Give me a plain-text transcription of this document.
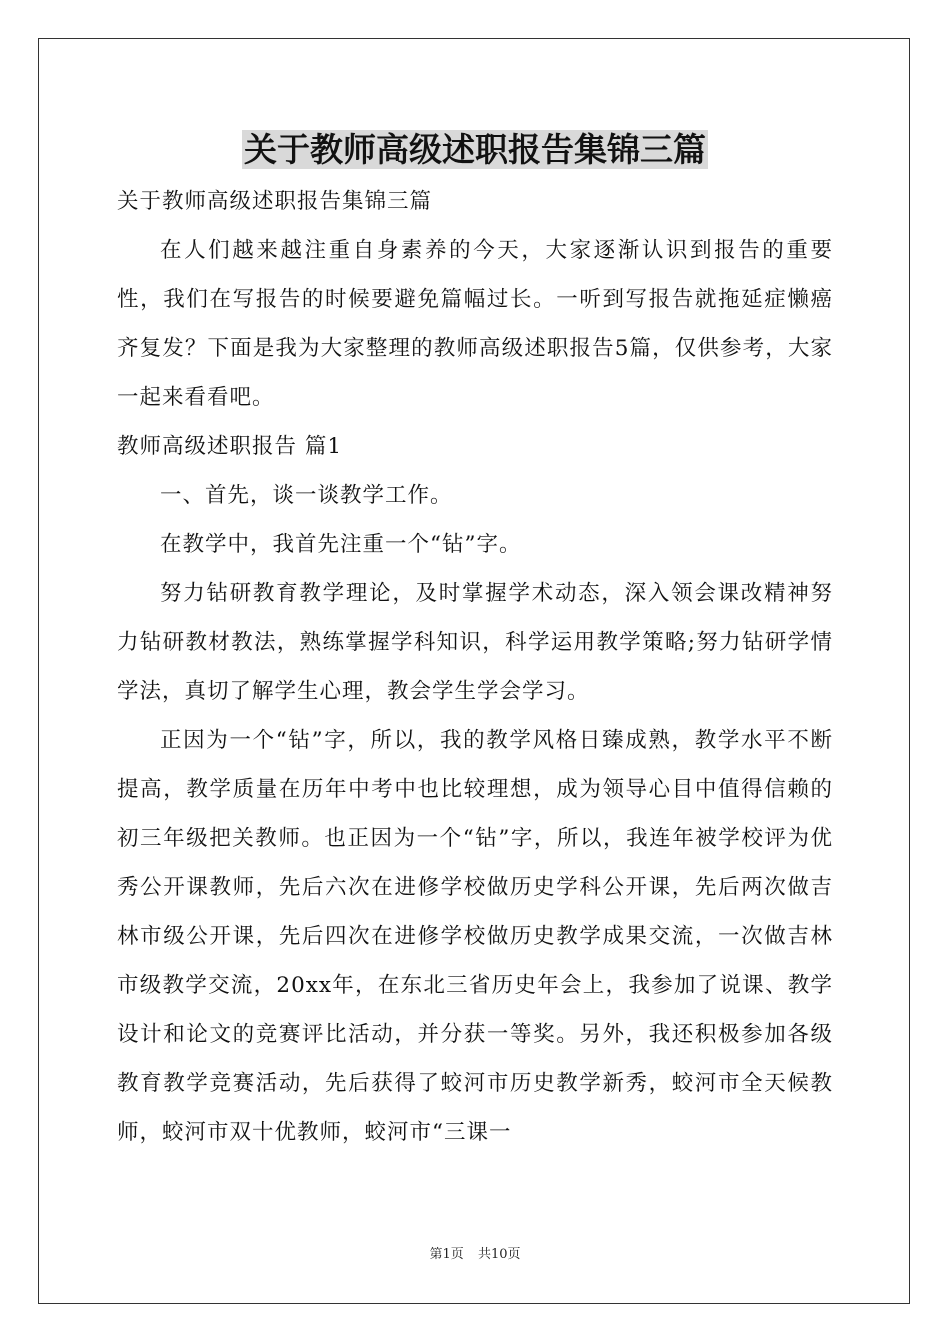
关于教师高级述职报告集锦三篇

关于教师高级述职报告集锦三篇

在人们越来越注重自身素养的今天，大家逐渐认识到报告的重要性，我们在写报告的时候要避免篇幅过长。一听到写报告就拖延症懒癌齐复发？下面是我为大家整理的教师高级述职报告5篇，仅供参考，大家一起来看看吧。

教师高级述职报告 篇1

一、首先，谈一谈教学工作。

在教学中，我首先注重一个“钻”字。

努力钻研教育教学理论，及时掌握学术动态，深入领会课改精神努力钻研教材教法，熟练掌握学科知识，科学运用教学策略;努力钻研学情学法，真切了解学生心理，教会学生学会学习。

正因为一个“钻”字，所以，我的教学风格日臻成熟，教学水平不断提高，教学质量在历年中考中也比较理想，成为领导心目中值得信赖的初三年级把关教师。也正因为一个“钻”字，所以，我连年被学校评为优秀公开课教师，先后六次在进修学校做历史学科公开课，先后两次做吉林市级公开课，先后四次在进修学校做历史教学成果交流，一次做吉林市级教学交流，20xx年，在东北三省历史年会上，我参加了说课、教学设计和论文的竞赛评比活动，并分获一等奖。另外，我还积极参加各级教育教学竞赛活动，先后获得了蛟河市历史教学新秀，蛟河市全天候教师，蛟河市双十优教师，蛟河市“三课一

第1页 共10页
